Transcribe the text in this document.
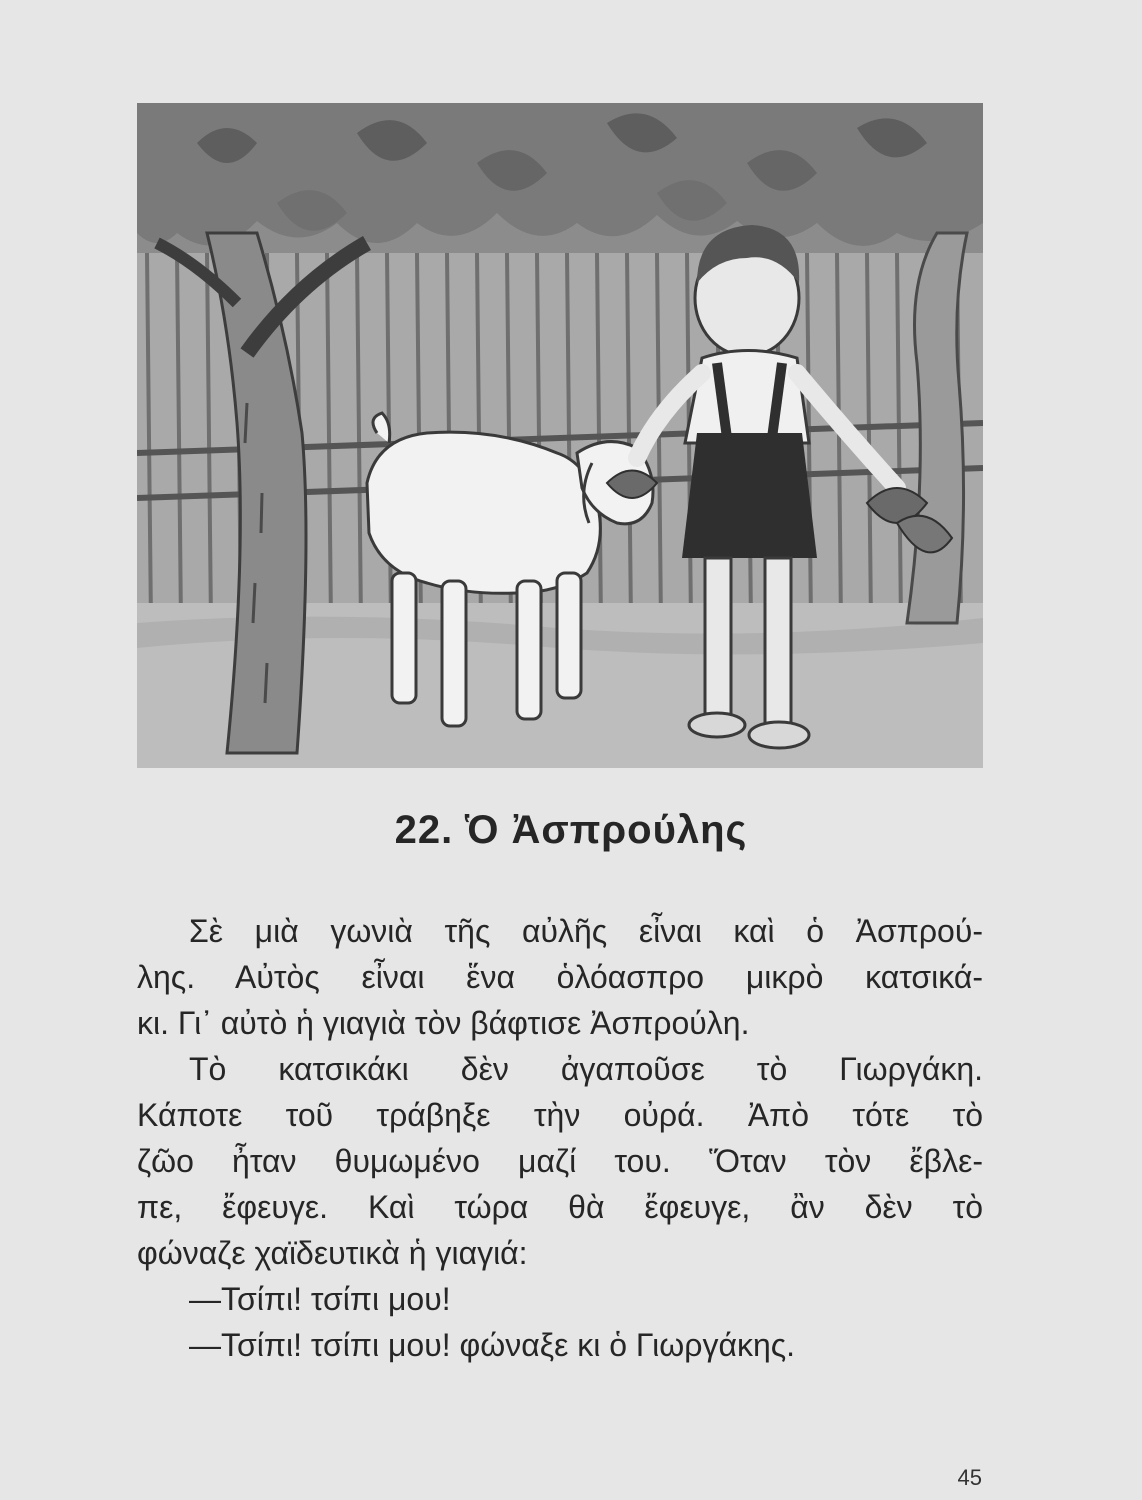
22. Ὁ Ἀσπρούλης
Σὲ μιὰ γωνιὰ τῆς αὐλῆς εἶναι καὶ ὁ Ἀσπρού-
λης. Αὐτὸς εἶναι ἕνα ὁλόασπρο μικρὸ κατσικά-
κι. Γι᾿ αὐτὸ ἡ γιαγιὰ τὸν βάφτισε Ἀσπρούλη.
Τὸ κατσικάκι δὲν ἀγαποῦσε τὸ Γιωργάκη.
Κάποτε τοῦ τράβηξε τὴν οὐρά. Ἀπὸ τότε τὸ
ζῶο ἦταν θυμωμένο μαζί του. Ὅταν τὸν ἔβλε-
πε, ἔφευγε. Καὶ τώρα θὰ ἔφευγε, ἂν δὲν τὸ
φώναζε χαϊδευτικὰ ἡ γιαγιά:
—Τσίπι! τσίπι μου!
—Τσίπι! τσίπι μου! φώναξε κι ὁ Γιωργάκης.
45
